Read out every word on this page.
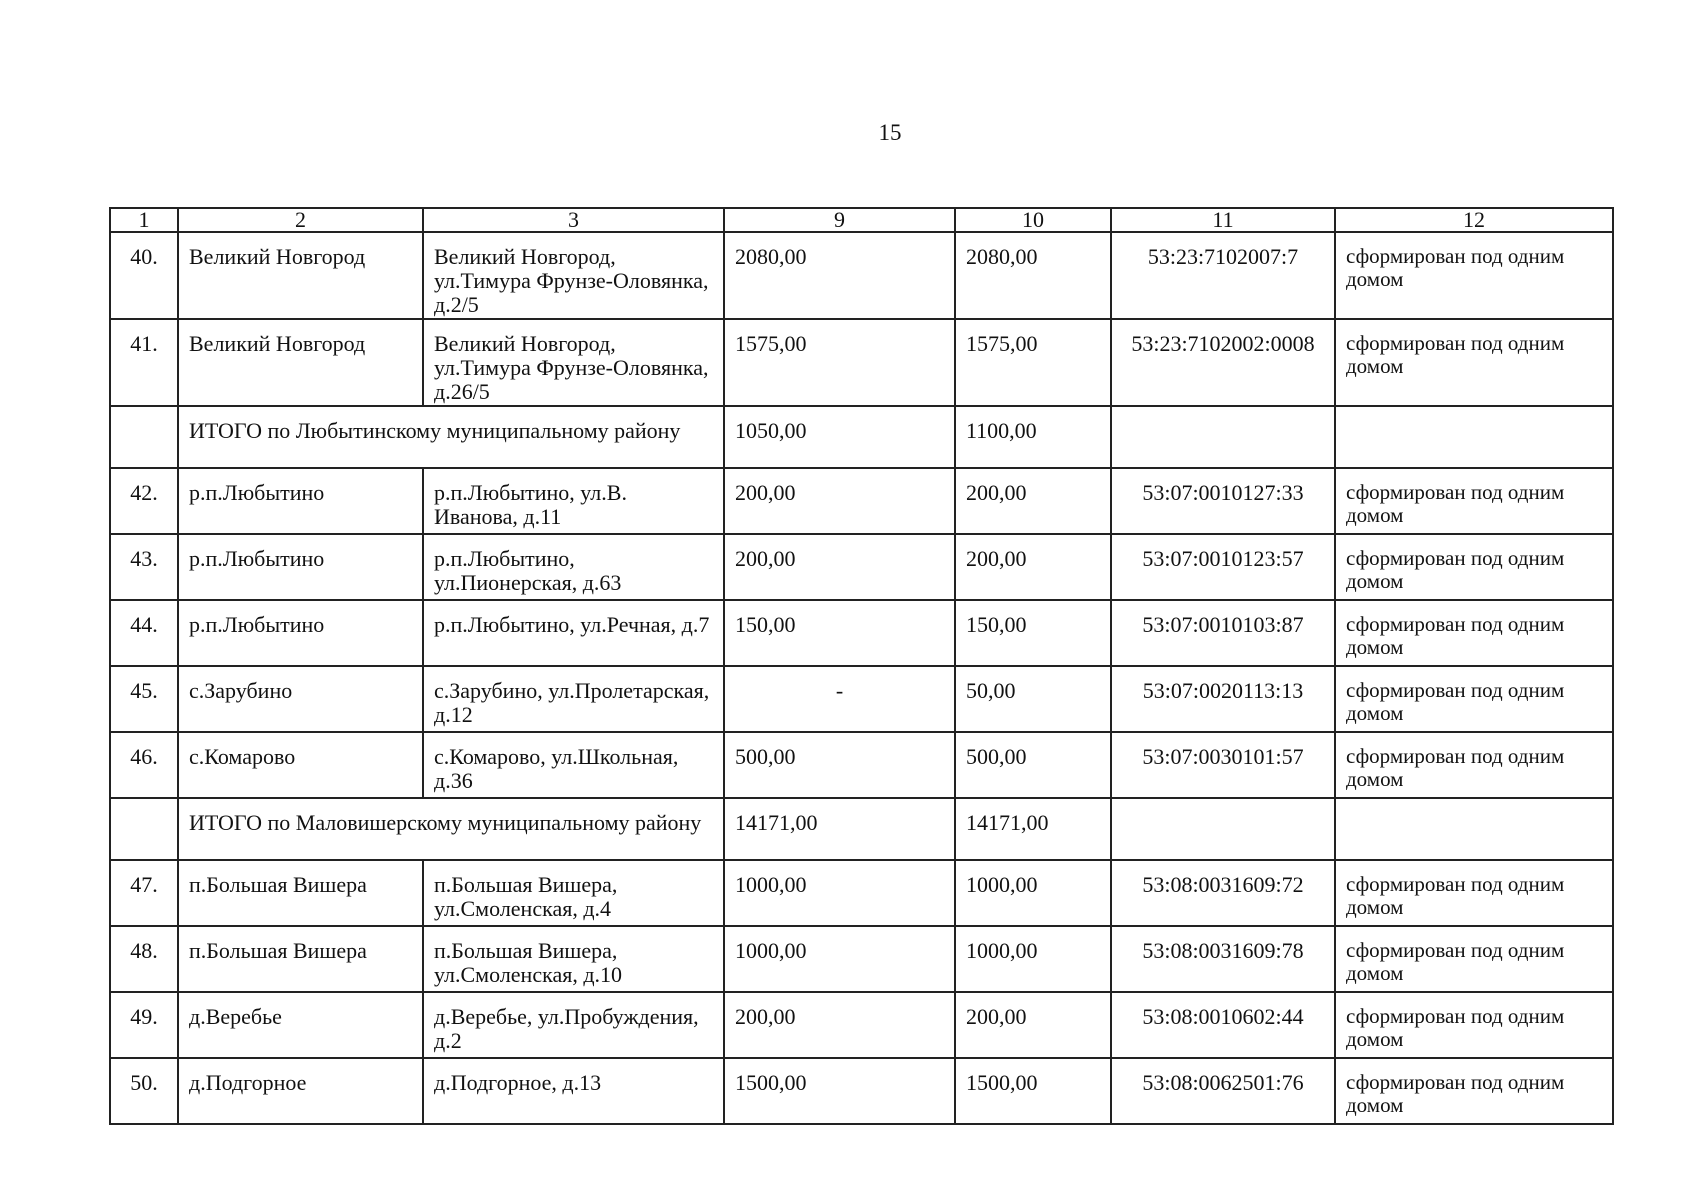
15
1	2	3	9	10	11	12
40.	Великий Новгород	Великий Новгород, ул.Тимура Фрунзе-Оловянка, д.2/5	2080,00	2080,00	53:23:7102007:7	сформирован под одним домом
41.	Великий Новгород	Великий Новгород, ул.Тимура Фрунзе-Оловянка, д.26/5	1575,00	1575,00	53:23:7102002:0008	сформирован под одним домом
	ИТОГО по Любытинскому муниципальному району		1050,00	1100,00		
42.	р.п.Любытино	р.п.Любытино, ул.В. Иванова, д.11	200,00	200,00	53:07:0010127:33	сформирован под одним домом
43.	р.п.Любытино	р.п.Любытино, ул.Пионерская, д.63	200,00	200,00	53:07:0010123:57	сформирован под одним домом
44.	р.п.Любытино	р.п.Любытино, ул.Речная, д.7	150,00	150,00	53:07:0010103:87	сформирован под одним домом
45.	с.Зарубино	с.Зарубино, ул.Пролетарская, д.12	-	50,00	53:07:0020113:13	сформирован под одним домом
46.	с.Комарово	с.Комарово, ул.Школьная, д.36	500,00	500,00	53:07:0030101:57	сформирован под одним домом
	ИТОГО по Маловишерскому муниципальному району		14171,00	14171,00		
47.	п.Большая Вишера	п.Большая Вишера, ул.Смоленская, д.4	1000,00	1000,00	53:08:0031609:72	сформирован под одним домом
48.	п.Большая Вишера	п.Большая Вишера, ул.Смоленская, д.10	1000,00	1000,00	53:08:0031609:78	сформирован под одним домом
49.	д.Веребье	д.Веребье, ул.Пробуждения, д.2	200,00	200,00	53:08:0010602:44	сформирован под одним домом
50.	д.Подгорное	д.Подгорное, д.13	1500,00	1500,00	53:08:0062501:76	сформирован под одним домом
